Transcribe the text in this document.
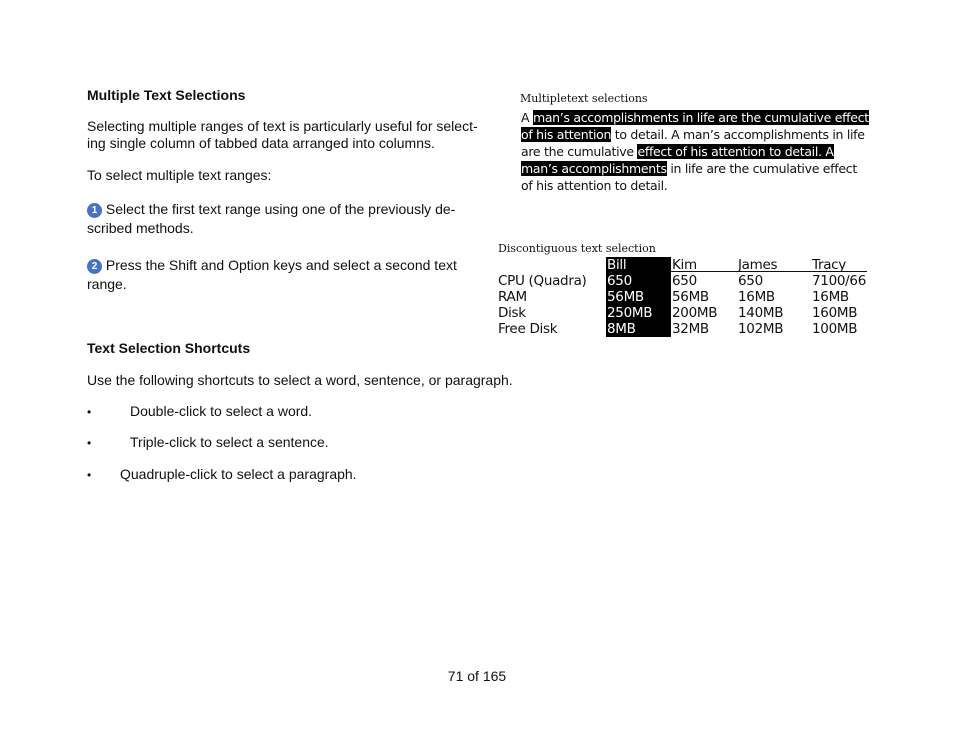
Multiple Text Selections
Selecting multiple ranges of text is particularly useful for select-
ing single column of tabbed data arranged into columns.
To select multiple text ranges:
1 Select the first text range using one of the previously de-
scribed methods.
2 Press the Shift and Option keys and select a second text
range.
Text Selection Shortcuts
Use the following shortcuts to select a word, sentence, or paragraph.
•	Double-click to select a word.
•	Triple-click to select a sentence.
• Quadruple-click to select a paragraph.
Multipletext selections
A man’s accomplishments in life are the cumulative effect
of his attention to detail. A man’s accomplishments in life
are the cumulative effect of his attention to detail. A
man’s accomplishments in life are the cumulative effect
of his attention to detail.
Discontiguous text selection
Bill	Kim	James	Tracy
CPU (Quadra) 650	650	650	7100/66
RAM	56MB 56MB 16MB	16MB
Disk	250MB 200MB 140MB 160MB
Free Disk	8MB	32MB 102MB 100MB
71 of 165
